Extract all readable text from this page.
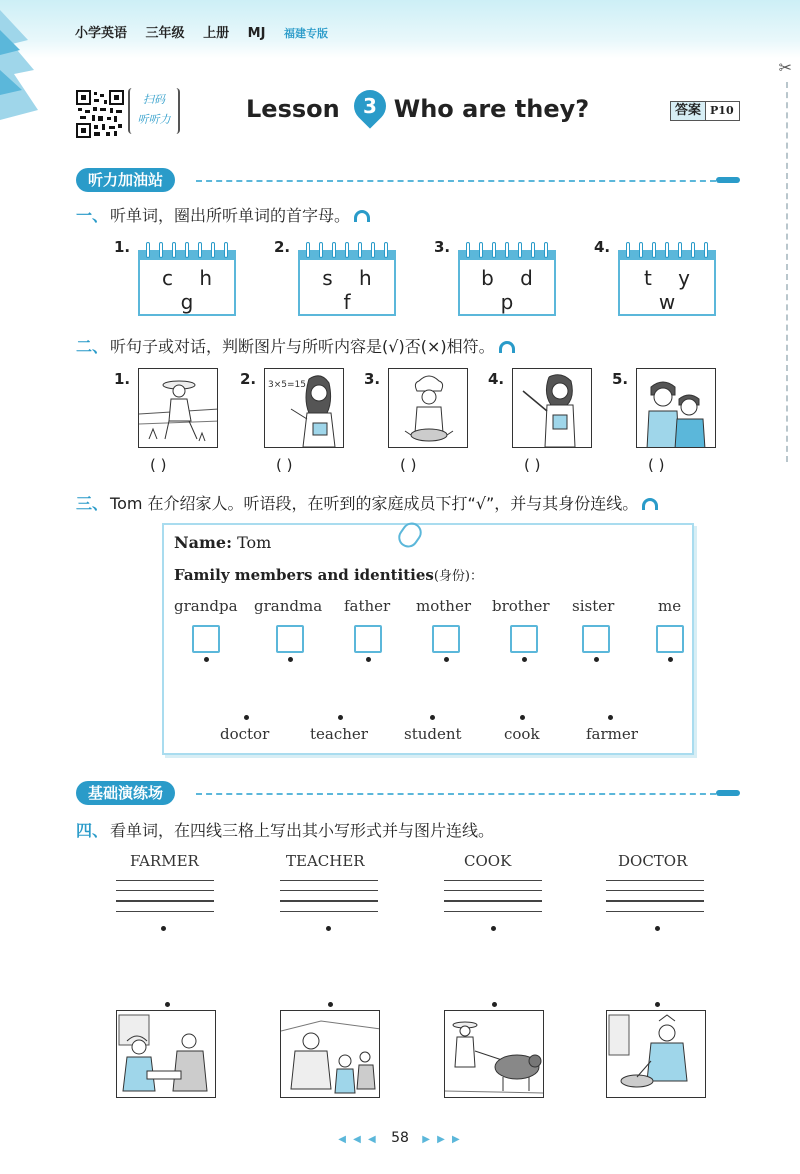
小学英语 三年级 上册 MJ 福建专版
✂
扫码
听听力	Lesson 3 Who are they?	答案 P10
听力加油站
一、 听单词，圈出所听单词的首字母。
1.
c h g
2.
s h f
3.
b d p
4.
t y w
二、 听句子或对话，判断图片与所听内容是(√)否(×)相符。
1.
( )
2. 3×5=15
( )
3.
( )
4.
( )
5.
( )
三、 Tom 在介绍家人。听语段，在听到的家庭成员下打“√”，并与其身份连线。
Name: Tom
Family members and identities(身份)：
grandpa grandma father mother brother sister	me
doctor	teacher student	cook	farmer
基础演练场
四、 看单词，在四线三格上写出其小写形式并与图片连线。
FARMER	TEACHER	COOK	DOCTOR
◀ ◀ ◀ 58 ▶ ▶ ▶
